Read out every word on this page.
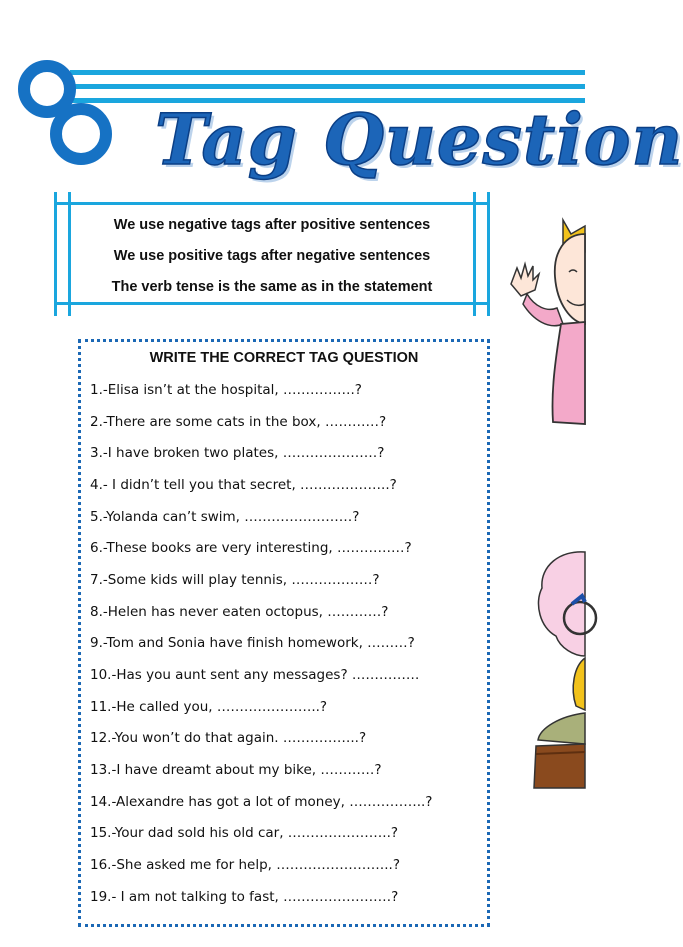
Tag Question
We use negative tags after positive sentences
We use positive tags after negative sentences
The verb tense is the same as in the statement
WRITE THE CORRECT TAG QUESTION
1.-Elisa isn’t at the hospital, …………….?
2.-There are some cats in the box, …………?
3.-I have broken two plates, …………………?
4.- I didn’t tell you that secret, ………………..?
5.-Yolanda can’t swim, ……………………?
6.-These books are very interesting, ……………?
7.-Some kids will play tennis, ………………?
8.-Helen has never eaten octopus, …………?
9.-Tom and Sonia have finish homework, ………?
10.-Has you aunt sent any messages? ……………
11.-He called you, …………………..?
12.-You won’t do that again. ……………..?
13.-I have dreamt about my bike, …………?
14.-Alexandre has got a lot of money, ……………..?
15.-Your dad sold his old car, …………………..?
16.-She asked me for help, ……………………..?
19.- I am not talking to fast, ……………………?
